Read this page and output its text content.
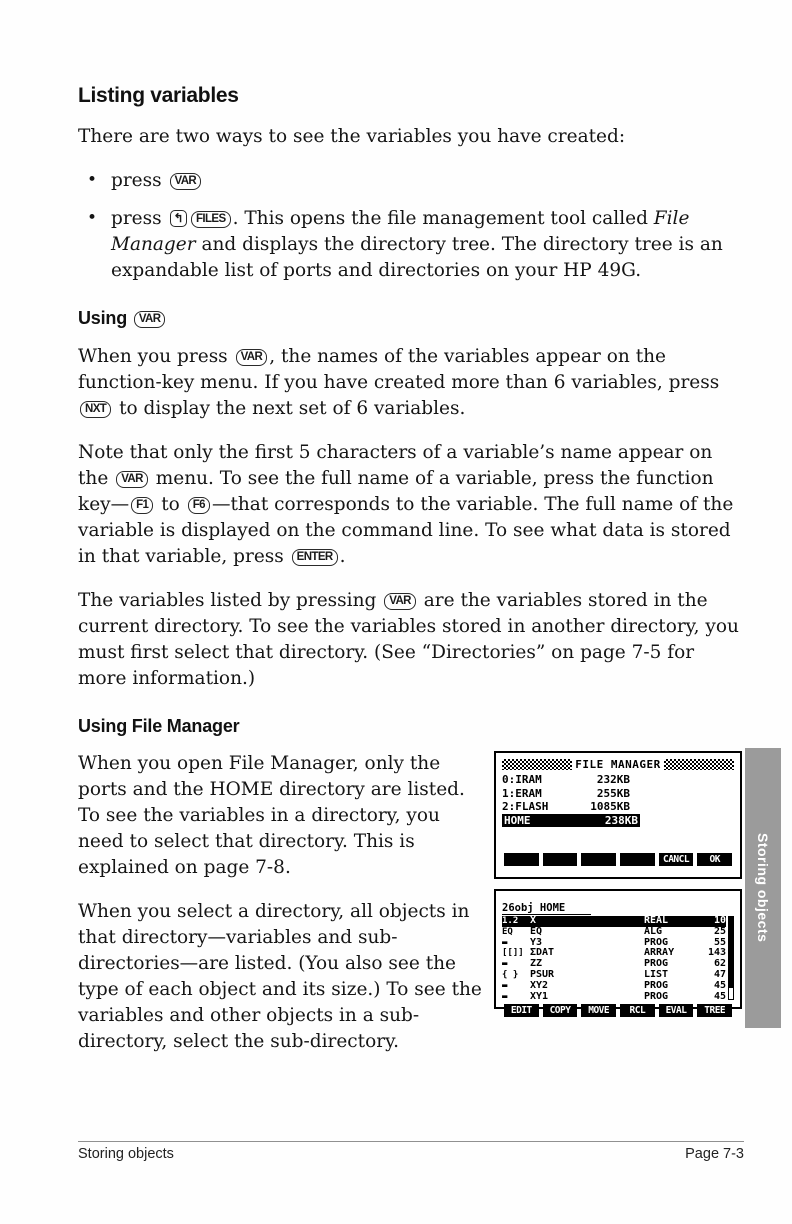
Listing variables

There are two ways to see the variables you have created:

• press VAR
• press ↰ FILES . This opens the file management tool called File Manager and displays the directory tree. The directory tree is an expandable list of ports and directories on your HP 49G.
Using VAR

When you press VAR , the names of the variables appear on the function-key menu. If you have created more than 6 variables, press NXT to display the next set of 6 variables.

Note that only the first 5 characters of a variable’s name appear on the VAR menu. To see the full name of a variable, press the function key— F1 to F6 —that corresponds to the variable. The full name of the variable is displayed on the command line. To see what data is stored in that variable, press ENTER .

The variables listed by pressing VAR are the variables stored in the current directory. To see the variables stored in another directory, you must first select that directory. (See “Directories” on page 7-5 for more information.)

Using File Manager

When you open File Manager, only the ports and the HOME directory are listed. To see the variables in a directory, you need to select that directory. This is explained on page 7-8.

When you select a directory, all objects in that directory—variables and sub-directories—are listed. (You also see the type of each object and its size.) To see the variables and other objects in a sub-directory, select the sub-directory.

FILE MANAGER
0:IRAM	232KB
1:ERAM	255KB
2:FLASH	1085KB
HOME	238KB
CANCL	OK
26obj HOME
1.2	X	REAL	10
EQ	EQ	ALG	25
▬	Y3	PROG	55
[[]] ΣDAT	ARRAY	143
▬	ZZ	PROG	62
{ }	PSUR	LIST	47
▬	XY2	PROG	45
▬	XY1	PROG	45
EDIT	COPY	MOVE	RCL	EVAL	TREE
Storing objects
Storing objects	Page 7-3
